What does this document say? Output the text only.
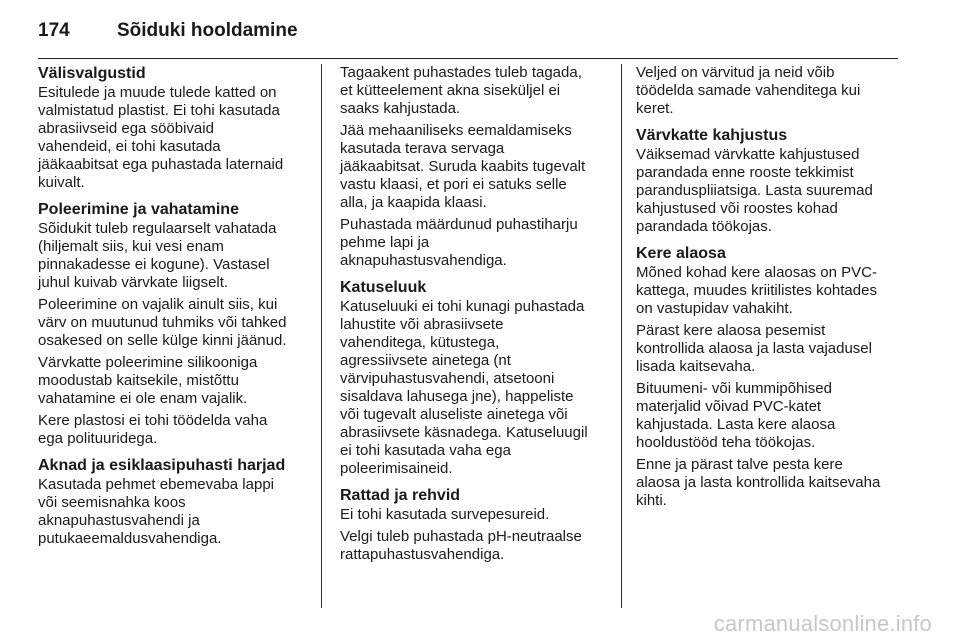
174 Sõiduki hooldamine
Välisvalgustid

Esitulede ja muude tulede katted on
valmistatud plastist. Ei tohi kasutada
abrasiivseid ega sööbivaid
vahendeid, ei tohi kasutada
jääkaabitsat ega puhastada laternaid
kuivalt.

Poleerimine ja vahatamine

Sõidukit tuleb regulaarselt vahatada
(hiljemalt siis, kui vesi enam
pinnakadesse ei kogune). Vastasel
juhul kuivab värvkate liigselt.

Poleerimine on vajalik ainult siis, kui
värv on muutunud tuhmiks või tahked
osakesed on selle külge kinni jäänud.

Värvkatte poleerimine silikooniga
moodustab kaitsekile, mistõttu
vahatamine ei ole enam vajalik.

Kere plastosi ei tohi töödelda vaha
ega polituuridega.

Aknad ja esiklaasipuhasti harjad

Kasutada pehmet ebemevaba lappi
või seemisnahka koos
aknapuhastusvahendi ja
putukaeemaldusvahendiga.

Tagaakent puhastades tuleb tagada,
et kütteelement akna siseküljel ei
saaks kahjustada.

Jää mehaaniliseks eemaldamiseks
kasutada terava servaga
jääkaabitsat. Suruda kaabits tugevalt
vastu klaasi, et pori ei satuks selle
alla, ja kaapida klaasi.

Puhastada määrdunud puhastiharju
pehme lapi ja
aknapuhastusvahendiga.

Katuseluuk

Katuseluuki ei tohi kunagi puhastada
lahustite või abrasiivsete
vahenditega, kütustega,
agressiivsete ainetega (nt
värvipuhastusvahendi, atsetooni
sisaldava lahusega jne), happeliste
või tugevalt aluseliste ainetega või
abrasiivsete käsnadega. Katuseluugil
ei tohi kasutada vaha ega
poleerimisaineid.

Rattad ja rehvid

Ei tohi kasutada survepesureid.

Velgi tuleb puhastada pH-neutraalse
rattapuhastusvahendiga.

Veljed on värvitud ja neid võib
töödelda samade vahenditega kui
keret.

Värvkatte kahjustus

Väiksemad värvkatte kahjustused
parandada enne rooste tekkimist
paranduspliiatsiga. Lasta suuremad
kahjustused või roostes kohad
parandada töökojas.

Kere alaosa

Mõned kohad kere alaosas on PVC-
kattega, muudes kriitilistes kohtades
on vastupidav vahakiht.

Pärast kere alaosa pesemist
kontrollida alaosa ja lasta vajadusel
lisada kaitsevaha.

Bituumeni- või kummipõhised
materjalid võivad PVC-katet
kahjustada. Lasta kere alaosa
hooldustööd teha töökojas.

Enne ja pärast talve pesta kere
alaosa ja lasta kontrollida kaitsevaha
kihti.

carmanualsonline.info
